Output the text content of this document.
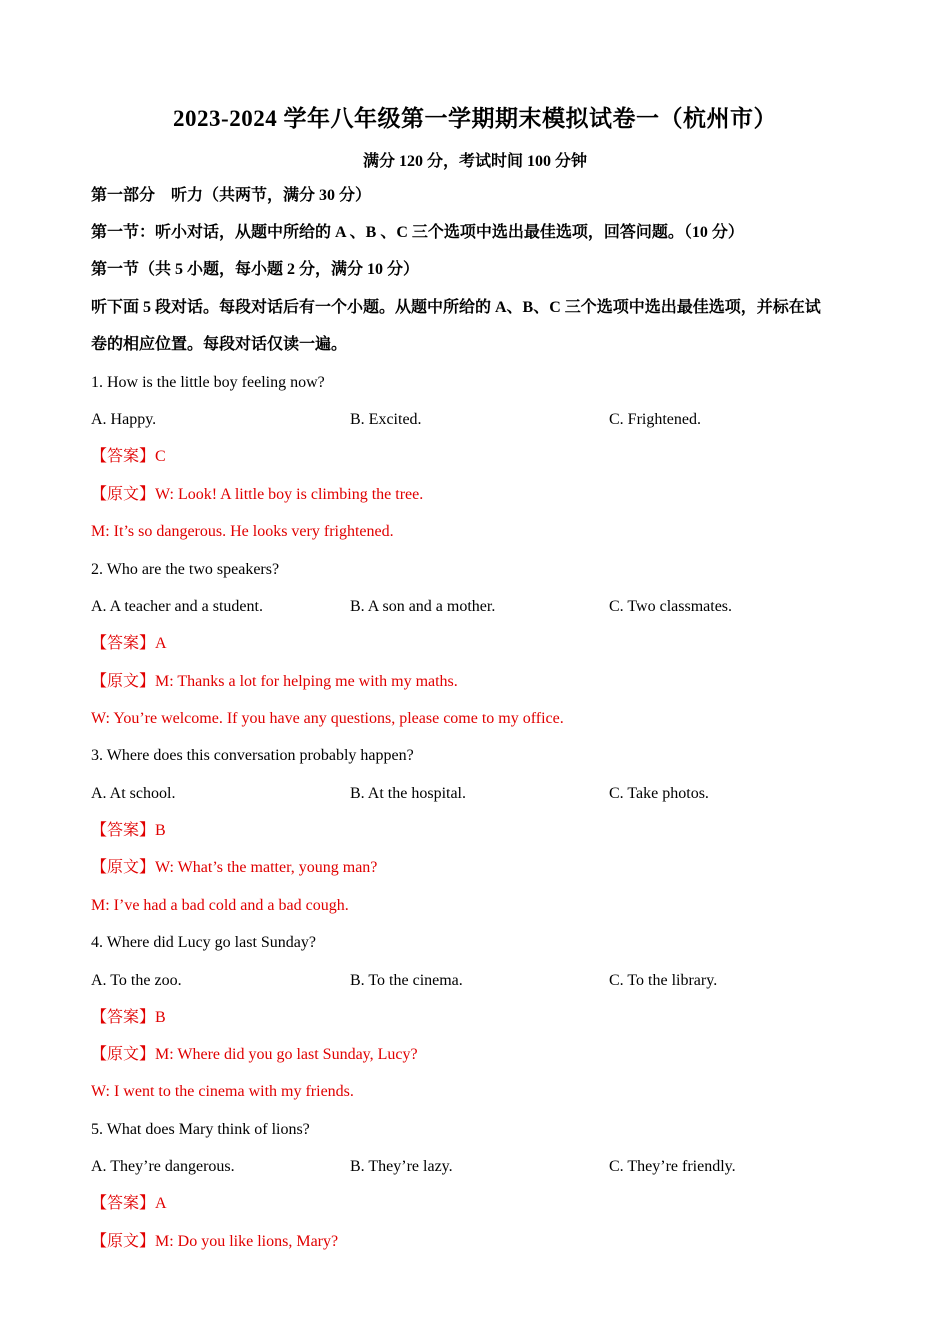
2023-2024 学年八年级第一学期期末模拟试卷一（杭州市）
满分 120 分，考试时间 100 分钟
第一部分　听力（共两节，满分 30 分）
第一节：听小对话，从题中所给的 A 、B 、C 三个选项中选出最佳选项，回答问题。（10 分）
第一节（共 5 小题，每小题 2 分，满分 10 分）
听下面 5 段对话。每段对话后有一个小题。从题中所给的 A、B、C 三个选项中选出最佳选项，并标在试
卷的相应位置。每段对话仅读一遍。
1. How is the little boy feeling now?
A. Happy.	B. Excited.	C. Frightened.
【答案】C
【原文】W: Look! A little boy is climbing the tree.
M: It’s so dangerous. He looks very frightened.
2. Who are the two speakers?
A. A teacher and a student.	B. A son and a mother.	C. Two classmates.
【答案】A
【原文】M: Thanks a lot for helping me with my maths.
W: You’re welcome. If you have any questions, please come to my office.
3. Where does this conversation probably happen?
A. At school.	B. At the hospital.	C. Take photos.
【答案】B
【原文】W: What’s the matter, young man?
M: I’ve had a bad cold and a bad cough.
4. Where did Lucy go last Sunday?
A. To the zoo.	B. To the cinema.	C. To the library.
【答案】B
【原文】M: Where did you go last Sunday, Lucy?
W: I went to the cinema with my friends.
5. What does Mary think of lions?
A. They’re dangerous.	B. They’re lazy.	C. They’re friendly.
【答案】A
【原文】M: Do you like lions, Mary?
